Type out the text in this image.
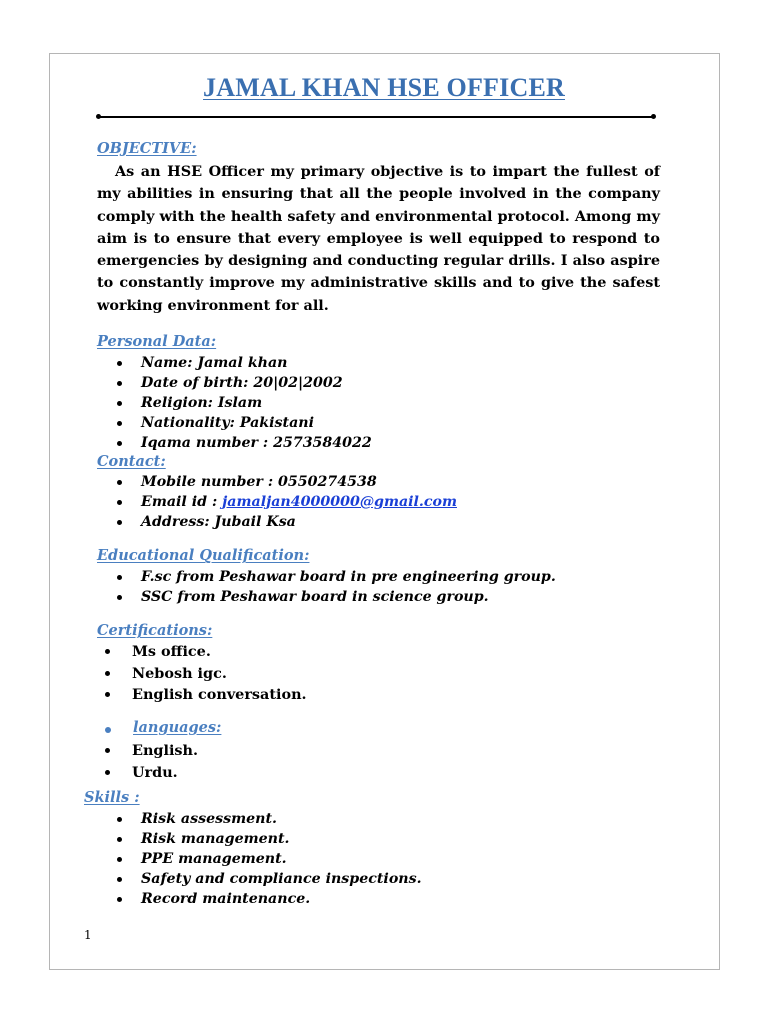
JAMAL KHAN HSE OFFICER
OBJECTIVE:
As an HSE Officer my primary objective is to impart the fullest of my abilities in ensuring that all the people involved in the company comply with the health safety and environmental protocol. Among my aim is to ensure that every employee is well equipped to respond to emergencies by designing and conducting regular drills. I also aspire to constantly improve my administrative skills and to give the safest working environment for all.
Personal Data:
Name: Jamal khan
Date of birth: 20|02|2002
Religion: Islam
Nationality: Pakistani
Iqama number : 2573584022
Contact:
Mobile number : 0550274538
Email id : jamaljan4000000@gmail.com
Address: Jubail Ksa
Educational Qualification:
F.sc from Peshawar board in pre engineering group.
SSC from Peshawar board in science group.
Certifications:
Ms office.
Nebosh igc.
English conversation.
languages:
English.
Urdu.
Skills :
Risk assessment.
Risk management.
PPE management.
Safety and compliance inspections.
Record maintenance.
1
